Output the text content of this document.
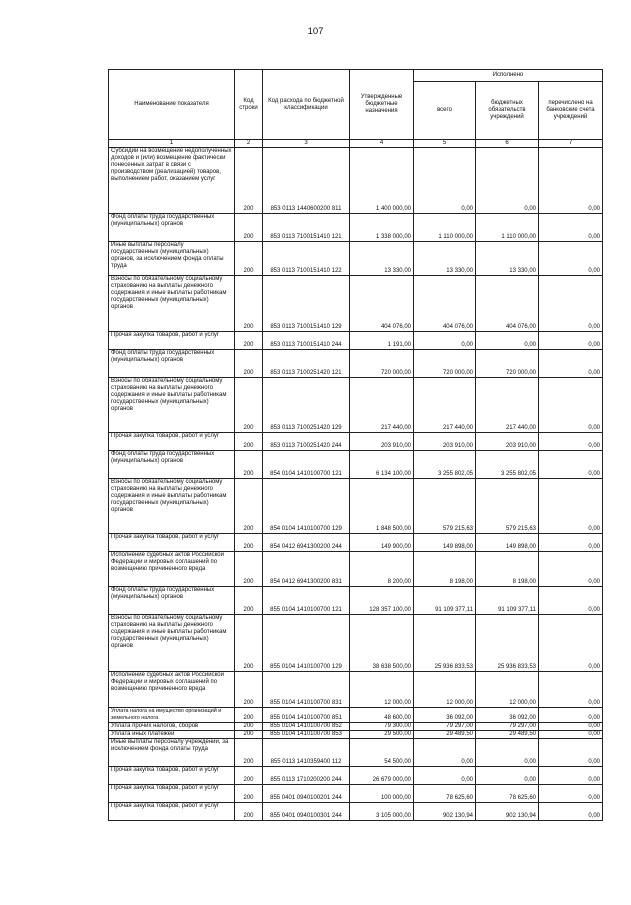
107
Наименование показателя	Код строки	Код расхода по бюджетной классификации	Утвержденные бюджетные назначения	Исполнено		
				всего	бюджетных обязательств учреждений	перечислено на банковские счета учреждений
1	2	3	4	5	6	7
Субсидии на возмещение недополученных доходов и (или) возмещение фактически понесенных затрат в связи с производством (реализацией) товаров, выполнением работ, оказанием услуг	200	853 0113 1440600200 811	1 400 000,00	0,00	0,00	0,00
Фонд оплаты труда государственных (муниципальных) органов	200	853 0113 7100151410 121	1 338 000,00	1 110 000,00	1 110 000,00	0,00
Иные выплаты персоналу государственных (муниципальных) органов, за исключением фонда оплаты труда	200	853 0113 7100151410 122	13 330,00	13 330,00	13 330,00	0,00
Взносы по обязательному социальному страхованию на выплаты денежного содержания и иные выплаты работникам государственных (муниципальных) органов	200	853 0113 7100151410 129	404 076,00	404 076,00	404 076,00	0,00
Прочая закупка товаров, работ и услуг	200	853 0113 7100151410 244	1 191,00	0,00	0,00	0,00
Фонд оплаты труда государственных (муниципальных) органов	200	853 0113 7100251420 121	720 000,00	720 000,00	720 000,00	0,00
Взносы по обязательному социальному страхованию на выплаты денежного содержания и иные выплаты работникам государственных (муниципальных) органов	200	853 0113 7100251420 129	217 440,00	217 440,00	217 440,00	0,00
Прочая закупка товаров, работ и услуг	200	853 0113 7100251420 244	203 910,00	203 910,00	203 910,00	0,00
Фонд оплаты труда государственных (муниципальных) органов	200	854 0104 1410100700 121	6 134 100,00	3 255 802,05	3 255 802,05	0,00
Взносы по обязательному социальному страхованию на выплаты денежного содержания и иные выплаты работникам государственных (муниципальных) органов	200	854 0104 1410100700 129	1 848 500,00	579 215,63	579 215,63	0,00
Прочая закупка товаров, работ и услуг	200	854 0412 6941300200 244	149 900,00	149 898,00	149 898,00	0,00
Исполнение судебных актов Российской Федерации и мировых соглашений по возмещению причиненного вреда	200	854 0412 6941300200 831	8 200,00	8 198,00	8 198,00	0,00
Фонд оплаты труда государственных (муниципальных) органов	200	855 0104 1410100700 121	128 357 100,00	91 109 377,11	91 109 377,11	0,00
Взносы по обязательному социальному страхованию на выплаты денежного содержания и иные выплаты работникам государственных (муниципальных) органов	200	855 0104 1410100700 129	38 638 500,00	25 936 833,53	25 936 833,53	0,00
Исполнение судебных актов Российской Федерации и мировых соглашений по возмещению причиненного вреда	200	855 0104 1410100700 831	12 000,00	12 000,00	12 000,00	0,00
Уплата налога на имущество организаций и земельного налога	200	855 0104 1410100700 851	48 600,00	36 092,00	36 092,00	0,00
Уплата прочих налогов, сборов	200	855 0104 1410100700 852	79 300,00	79 297,00	79 297,00	0,00
Уплата иных платежей	200	855 0104 1410100700 853	29 500,00	29 489,50	29 489,50	0,00
Иные выплаты персоналу учреждений, за исключением фонда оплаты труда	200	855 0113 1410359400 112	54 500,00	0,00	0,00	0,00
Прочая закупка товаров, работ и услуг	200	855 0113 1710200200 244	26 679 000,00	0,00	0,00	0,00
Прочая закупка товаров, работ и услуг	200	855 0401 0940100201 244	100 000,00	78 625,60	78 625,60	0,00
Прочая закупка товаров, работ и услуг	200	855 0401 0940100301 244	3 105 000,00	902 130,94	902 130,94	0,00
